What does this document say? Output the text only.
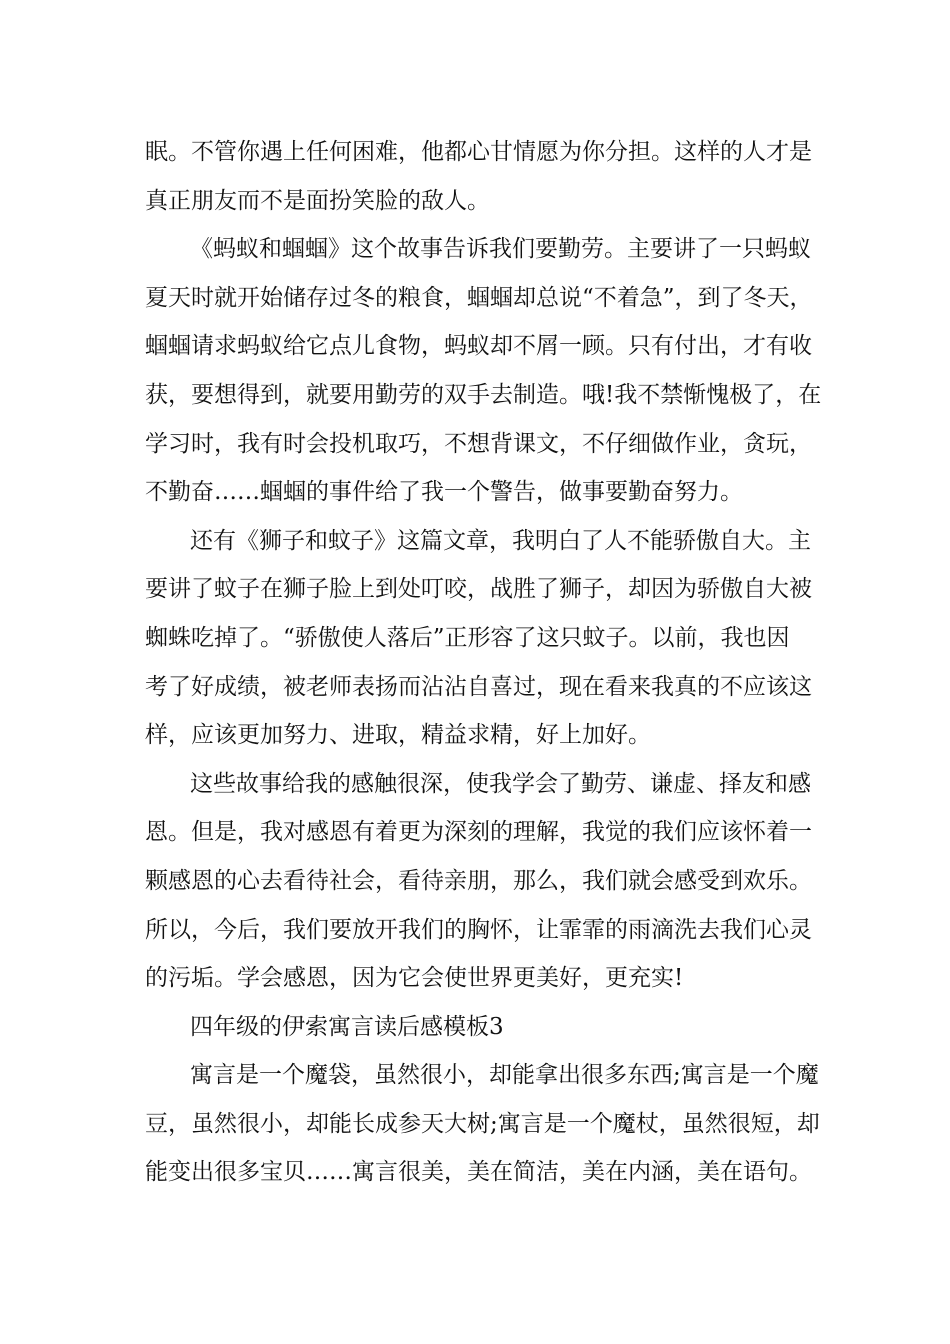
眠。不管你遇上任何困难，他都心甘情愿为你分担。这样的人才是
真正朋友而不是面扮笑脸的敌人。
《蚂蚁和蝈蝈》这个故事告诉我们要勤劳。主要讲了一只蚂蚁
夏天时就开始储存过冬的粮食，蝈蝈却总说“不着急”，到了冬天，
蝈蝈请求蚂蚁给它点儿食物，蚂蚁却不屑一顾。只有付出，才有收
获，要想得到，就要用勤劳的双手去制造。哦!我不禁惭愧极了，在
学习时，我有时会投机取巧，不想背课文，不仔细做作业，贪玩，
不勤奋……蝈蝈的事件给了我一个警告，做事要勤奋努力。
还有《狮子和蚊子》这篇文章，我明白了人不能骄傲自大。主
要讲了蚊子在狮子脸上到处叮咬，战胜了狮子，却因为骄傲自大被
蜘蛛吃掉了。“骄傲使人落后”正形容了这只蚊子。以前，我也因
考了好成绩，被老师表扬而沾沾自喜过，现在看来我真的不应该这
样，应该更加努力、进取，精益求精，好上加好。
这些故事给我的感触很深，使我学会了勤劳、谦虚、择友和感
恩。但是，我对感恩有着更为深刻的理解，我觉的我们应该怀着一
颗感恩的心去看待社会，看待亲朋，那么，我们就会感受到欢乐。
所以，今后，我们要放开我们的胸怀，让霏霏的雨滴洗去我们心灵
的污垢。学会感恩，因为它会使世界更美好，更充实!
四年级的伊索寓言读后感模板3
寓言是一个魔袋，虽然很小，却能拿出很多东西;寓言是一个魔
豆，虽然很小，却能长成参天大树;寓言是一个魔杖，虽然很短，却
能变出很多宝贝……寓言很美，美在简洁，美在内涵，美在语句。
